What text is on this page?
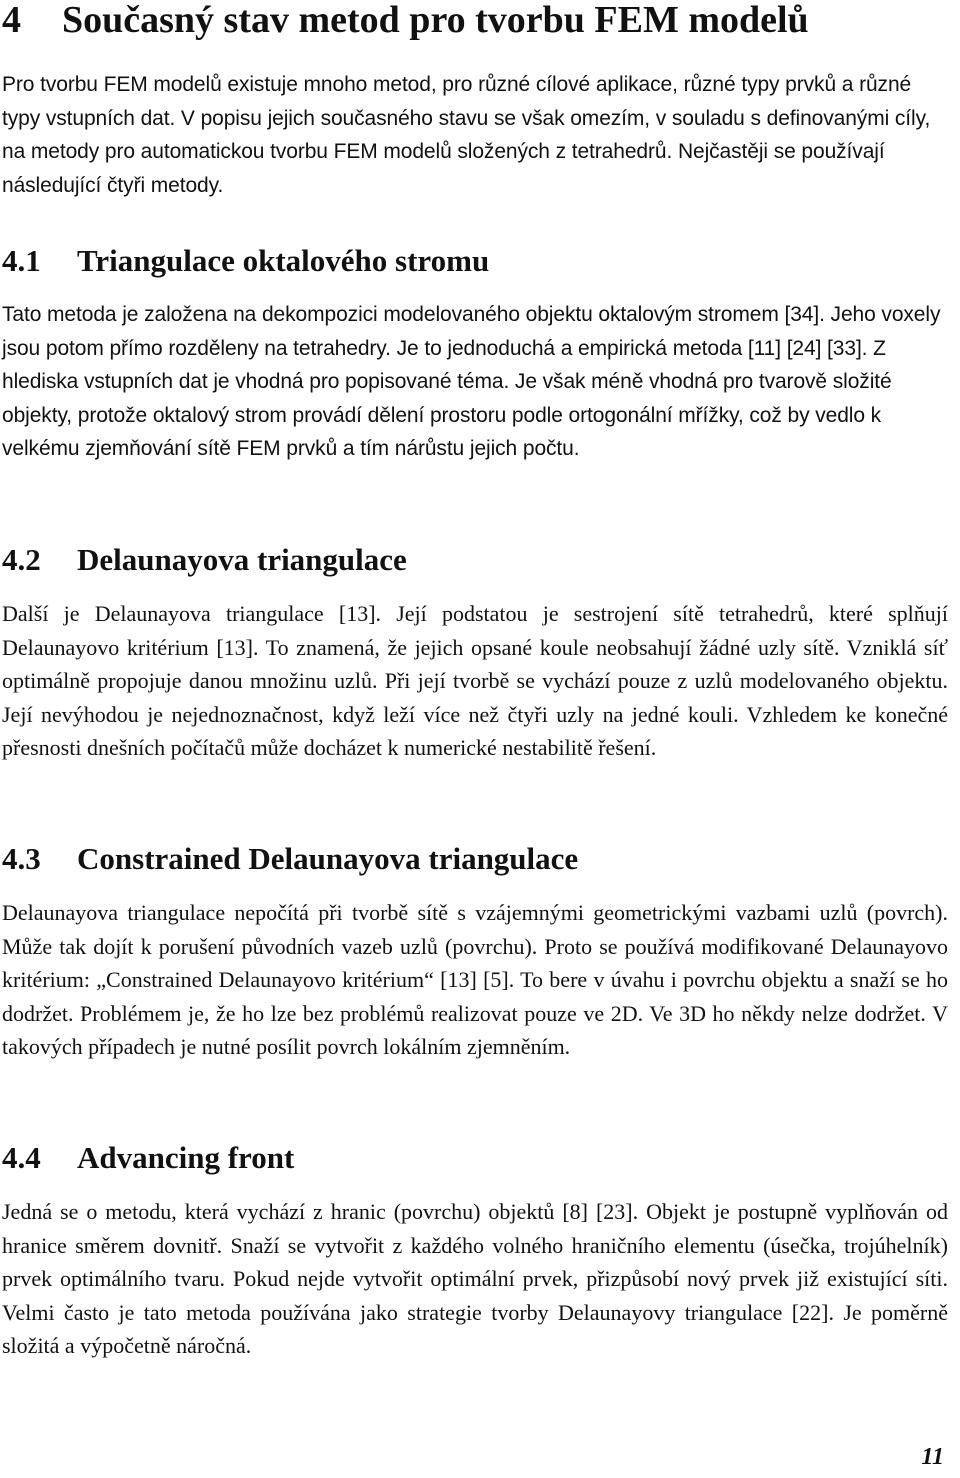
4 Současný stav metod pro tvorbu FEM modelů

Pro tvorbu FEM modelů existuje mnoho metod, pro různé cílové aplikace, různé typy prvků a různé typy vstupních dat. V popisu jejich současného stavu se však omezím, v souladu s definovanými cíly, na metody pro automatickou tvorbu FEM modelů složených z tetrahedrů. Nejčastěji se používají následující čtyři metody.

4.1 Triangulace oktalového stromu

Tato metoda je založena na dekompozici modelovaného objektu oktalovým stromem [34]. Jeho voxely jsou potom přímo rozděleny na tetrahedry. Je to jednoduchá a empirická metoda [11] [24] [33]. Z hlediska vstupních dat je vhodná pro popisované téma. Je však méně vhodná pro tvarově složité objekty, protože oktalový strom provádí dělení prostoru podle ortogonální mřížky, což by vedlo k velkému zjemňování sítě FEM prvků a tím nárůstu jejich počtu.

4.2 Delaunayova triangulace

Další je Delaunayova triangulace [13]. Její podstatou je sestrojení sítě tetrahedrů, které splňují Delaunayovo kritérium [13]. To znamená, že jejich opsané koule neobsahují žádné uzly sítě. Vzniklá síť optimálně propojuje danou množinu uzlů. Při její tvorbě se vychází pouze z uzlů modelovaného objektu. Její nevýhodou je nejednoznačnost, když leží více než čtyři uzly na jedné kouli. Vzhledem ke konečné přesnosti dnešních počítačů může docházet k numerické nestabilitě řešení.

4.3 Constrained Delaunayova triangulace

Delaunayova triangulace nepočítá při tvorbě sítě s vzájemnými geometrickými vazbami uzlů (povrch). Může tak dojít k porušení původních vazeb uzlů (povrchu). Proto se používá modifikované Delaunayovo kritérium: „Constrained Delaunayovo kritérium“ [13] [5]. To bere v úvahu i povrchu objektu a snaží se ho dodržet. Problémem je, že ho lze bez problémů realizovat pouze ve 2D. Ve 3D ho někdy nelze dodržet. V takových případech je nutné posílit povrch lokálním zjemněním.

4.4 Advancing front

Jedná se o metodu, která vychází z hranic (povrchu) objektů [8] [23]. Objekt je postupně vyplňován od hranice směrem dovnitř. Snaží se vytvořit z každého volného hraničního elementu (úsečka, trojúhelník) prvek optimálního tvaru. Pokud nejde vytvořit optimální prvek, přizpůsobí nový prvek již existující síti. Velmi často je tato metoda používána jako strategie tvorby Delaunayovy triangulace [22]. Je poměrně složitá a výpočetně náročná.

11
